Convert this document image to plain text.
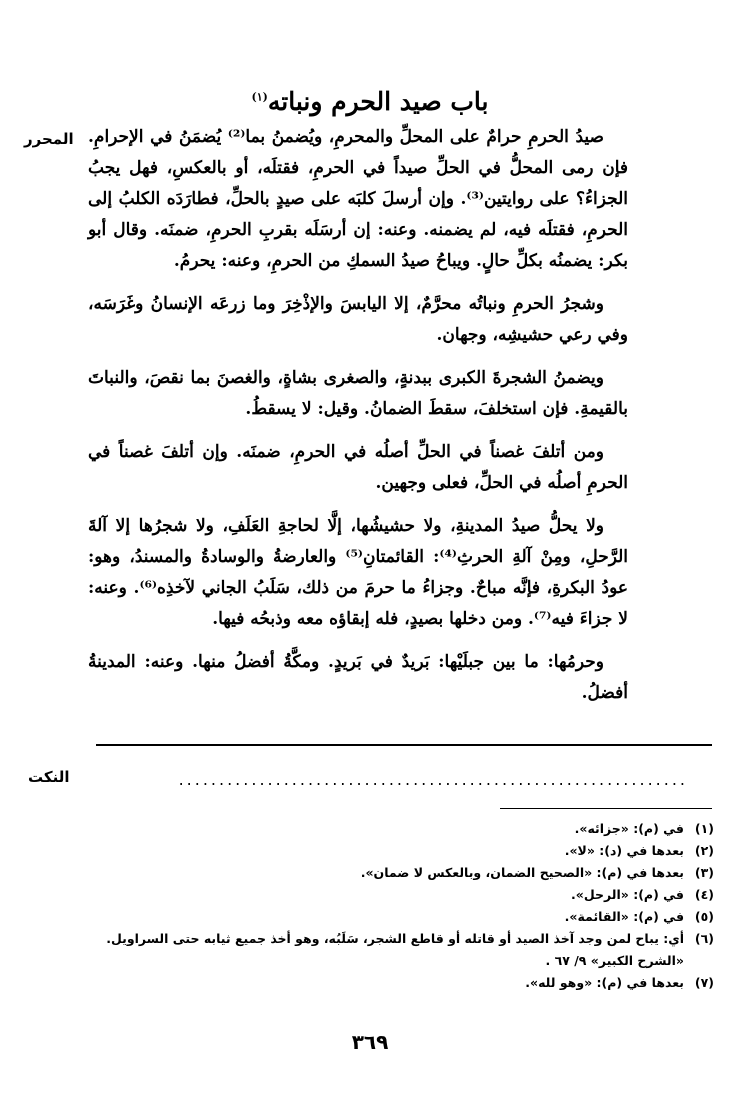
باب صيد الحرم ونباته$^{(١)}$
المحرر صيدُ الحرمِ حرامٌ على المحلِّ والمحرمِ، ويُضمنُ بما⁽²⁾ يُضمَنُ في الإحرامِ. فإن رمى المحلُّ في الحلِّ صيداً في الحرمِ، فقتلَه، أو بالعكسِ، فهل يجبُ الجزاءُ؟ على روايتين⁽³⁾. وإن أرسلَ كلبَه على صيدٍ بالحلِّ، فطارَدَه الكلبُ إلى الحرمِ، فقتلَه فيه، لم يضمنه. وعنه: إن أرسَلَه بقربِ الحرمِ، ضمنَه. وقال أبو بكر: يضمنُه بكلِّ حالٍ. ويباحُ صيدُ السمكِ من الحرمِ، وعنه: يحرمُ.

وشجرُ الحرمِ ونباتُه محرَّمٌ، إلا اليابسَ والإذْخِرَ وما زرعَه الإنسانُ وغَرَسَه، وفي رعي حشيشِه، وجهان.

ويضمنُ الشجرةَ الكبرى ببدنةٍ، والصغرى بشاةٍ، والغصنَ بما نقصَ، والنباتَ بالقيمةِ. فإن استخلفَ، سقطَ الضمانُ. وقيل: لا يسقطُ.

ومن أتلفَ غصناً في الحلِّ أصلُه في الحرمِ، ضمنَه. وإن أتلفَ غصناً في الحرمِ أصلُه في الحلِّ، فعلى وجهين.

ولا يحلُّ صيدُ المدينةِ، ولا حشيشُها، إلَّا لحاجةِ العَلَفِ، ولا شجرُها إلا آلةَ الرَّحلِ، ومِنْ آلةِ الحرثِ⁽⁴⁾: القائمتانِ⁽⁵⁾ والعارضةُ والوسادةُ والمسندُ، وهو: عودُ البكرةِ، فإنَّه مباحٌ. وجزاءُ ما حرمَ من ذلك، سَلَبُ الجاني لآخذِه⁽⁶⁾. وعنه: لا جزاءَ فيه⁽⁷⁾. ومن دخلها بصيدٍ، فله إبقاؤه معه وذبحُه فيها.

وحرمُها: ما بين جبلَيْها: بَريدٌ في بَريدٍ. ومكَّةُ أفضلُ منها. وعنه: المدينةُ أفضلُ.

النكت	...............................................................
(١)
في (م): «جزائه».
(٢)
بعدها في (د): «لا».
(٣)
بعدها في (م): «الصحيح الضمان، وبالعكس لا ضمان».
(٤)
في (م): «الرحل».
(٥)
في (م): «القائمة».
(٦)
أي: يباح لمن وجد آخذ الصيد أو قاتله أو قاطع الشجر، سَلَبُه، وهو أخذ جميع ثيابه حتى السراويل. «الشرح الكبير» ٩/ ٦٧ .
(٧)
بعدها في (م): «وهو لله».
٣٦٩
